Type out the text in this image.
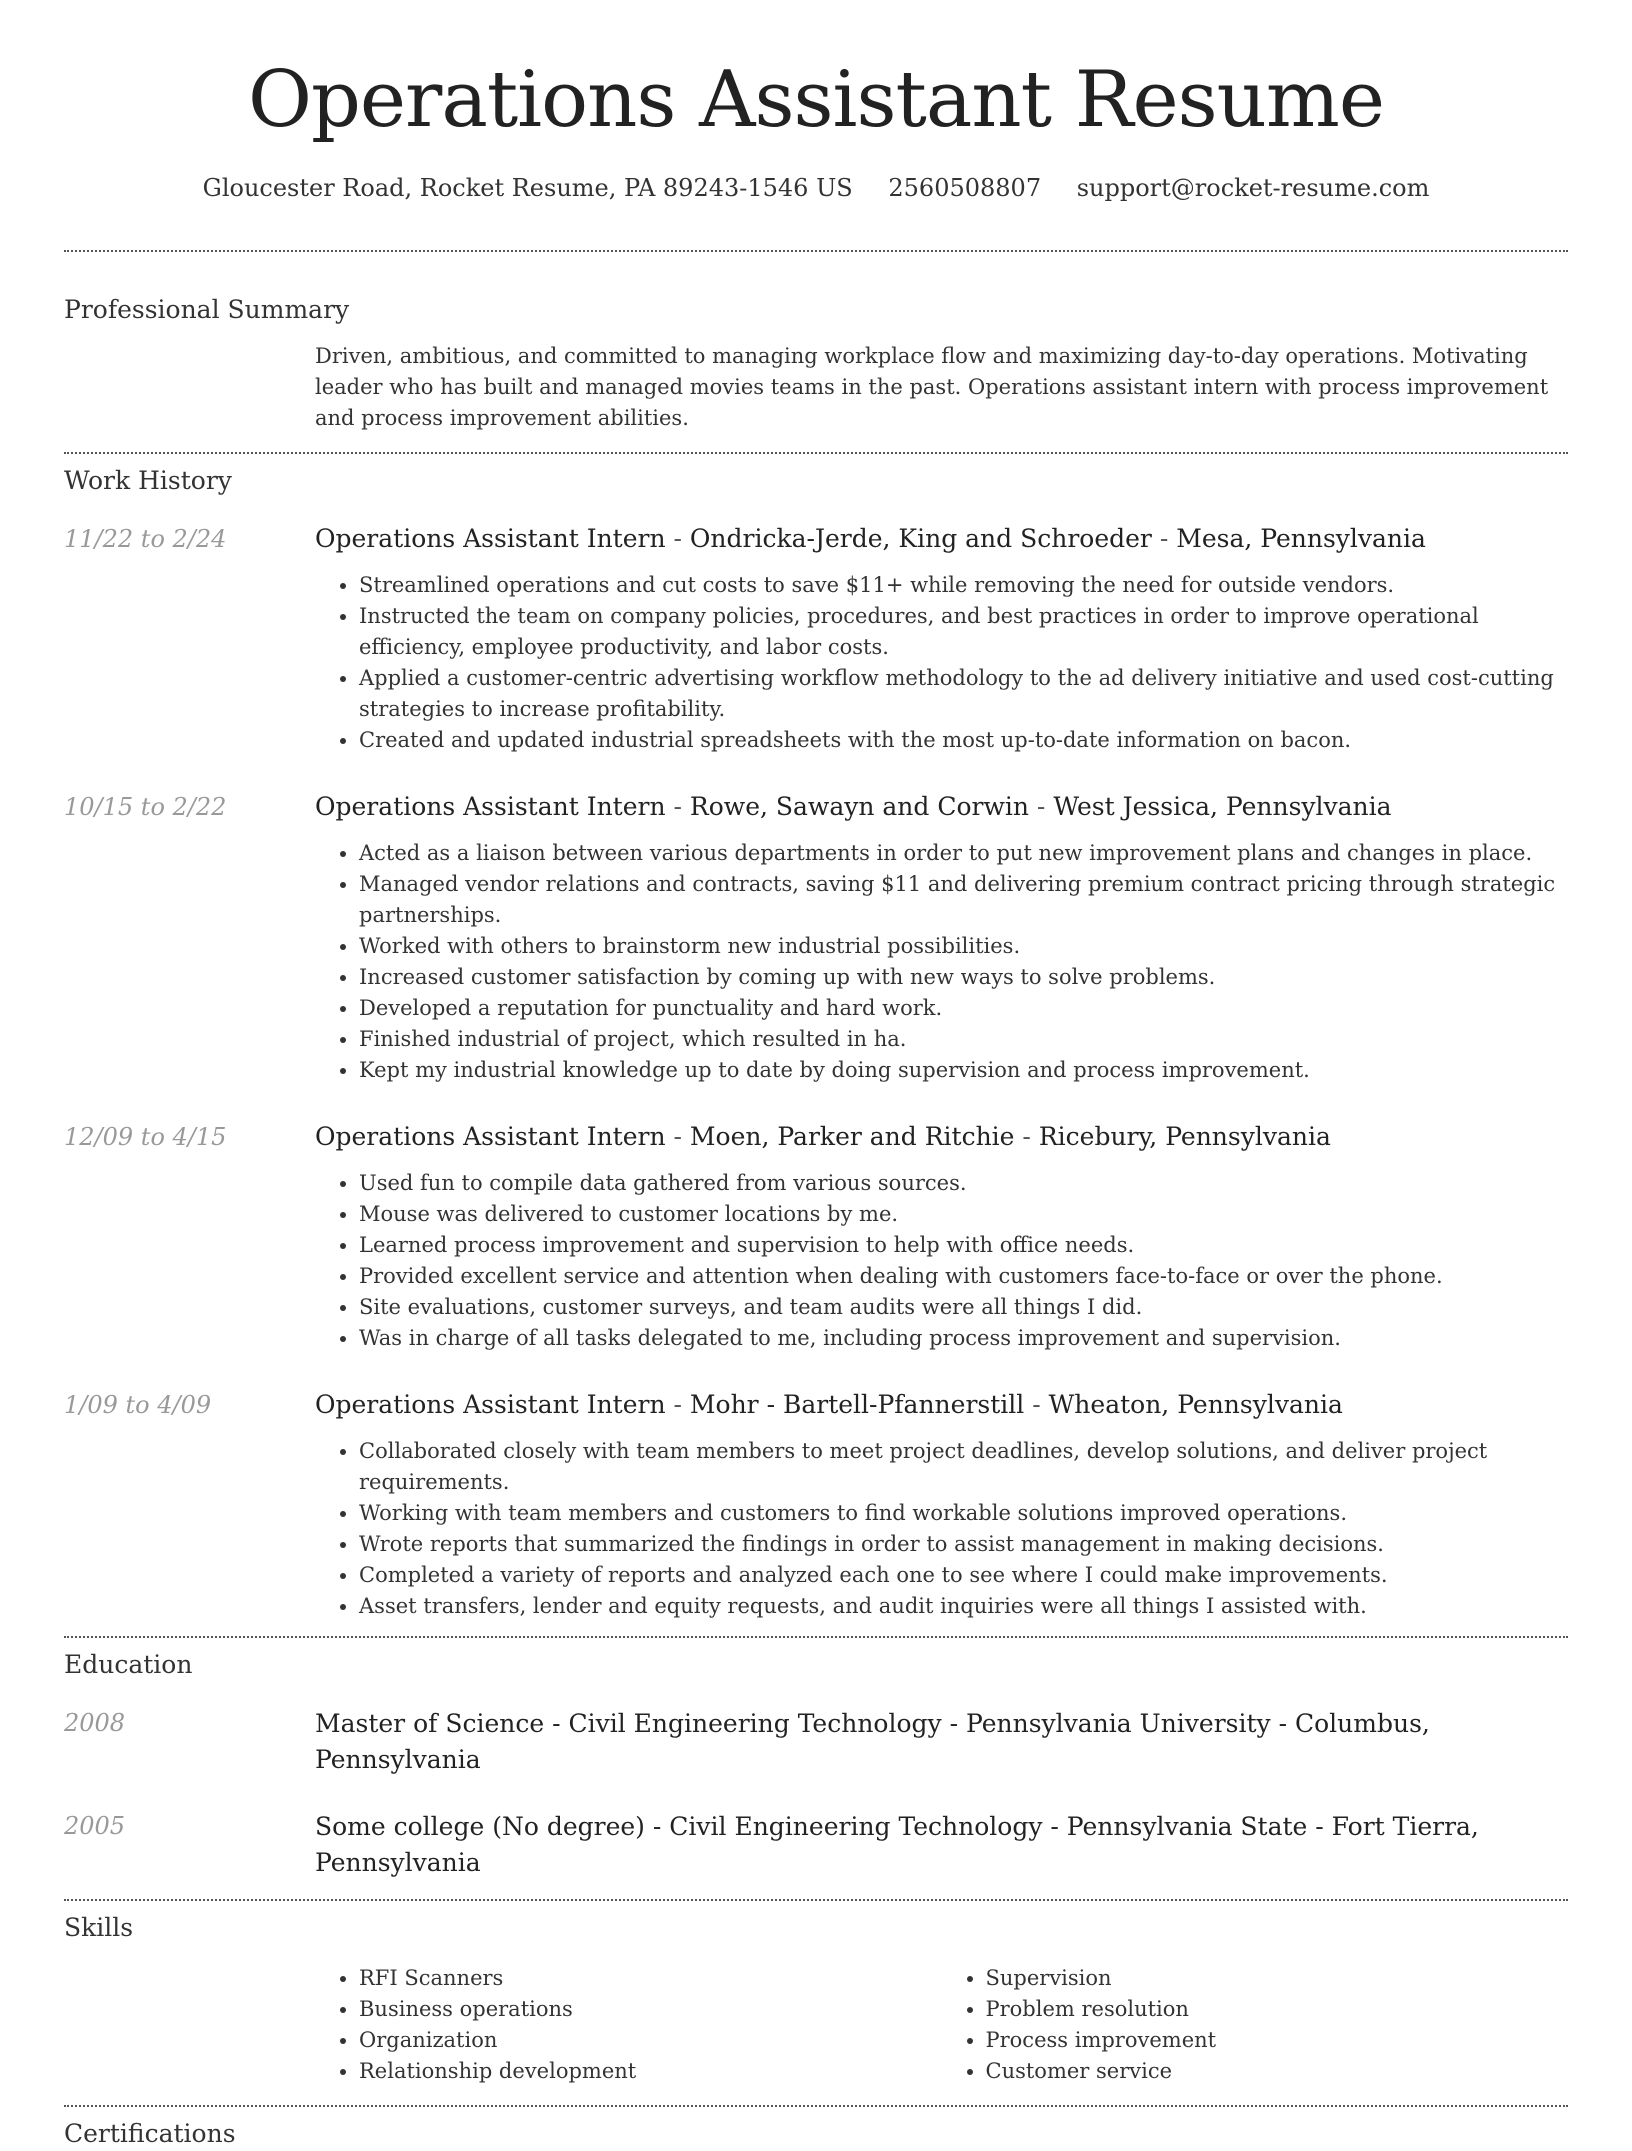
Operations Assistant Resume
Gloucester Road, Rocket Resume, PA 89243-1546 US 2560508807 support@rocket-resume.com
Professional Summary
Driven, ambitious, and committed to managing workplace flow and maximizing day-to-day operations. Motivating leader who has built and managed movies teams in the past. Operations assistant intern with process improvement and process improvement abilities.
Work History
11/22 to 2/24	Operations Assistant Intern - Ondricka-Jerde, King and Schroeder - Mesa, Pennsylvania
• Streamlined operations and cut costs to save $11+ while removing the need for outside vendors.
• Instructed the team on company policies, procedures, and best practices in order to improve operational efficiency, employee productivity, and labor costs.
• Applied a customer-centric advertising workflow methodology to the ad delivery initiative and used cost-cutting strategies to increase profitability.
• Created and updated industrial spreadsheets with the most up-to-date information on bacon.
10/15 to 2/22	Operations Assistant Intern - Rowe, Sawayn and Corwin - West Jessica, Pennsylvania
• Acted as a liaison between various departments in order to put new improvement plans and changes in place.
• Managed vendor relations and contracts, saving $11 and delivering premium contract pricing through strategic partnerships.
• Worked with others to brainstorm new industrial possibilities.
• Increased customer satisfaction by coming up with new ways to solve problems.
• Developed a reputation for punctuality and hard work.
• Finished industrial of project, which resulted in ha.
• Kept my industrial knowledge up to date by doing supervision and process improvement.
12/09 to 4/15	Operations Assistant Intern - Moen, Parker and Ritchie - Ricebury, Pennsylvania
• Used fun to compile data gathered from various sources.
• Mouse was delivered to customer locations by me.
• Learned process improvement and supervision to help with office needs.
• Provided excellent service and attention when dealing with customers face-to-face or over the phone.
• Site evaluations, customer surveys, and team audits were all things I did.
• Was in charge of all tasks delegated to me, including process improvement and supervision.
1/09 to 4/09	Operations Assistant Intern - Mohr - Bartell-Pfannerstill - Wheaton, Pennsylvania
• Collaborated closely with team members to meet project deadlines, develop solutions, and deliver project requirements.
• Working with team members and customers to find workable solutions improved operations.
• Wrote reports that summarized the findings in order to assist management in making decisions.
• Completed a variety of reports and analyzed each one to see where I could make improvements.
• Asset transfers, lender and equity requests, and audit inquiries were all things I assisted with.
Education
2008	Master of Science - Civil Engineering Technology - Pennsylvania University - Columbus, Pennsylvania
2005	Some college (No degree) - Civil Engineering Technology - Pennsylvania State - Fort Tierra, Pennsylvania
Skills
• RFI Scanners
• Business operations
• Organization
• Relationship development
• Supervision
• Problem resolution
• Process improvement
• Customer service
Certifications
